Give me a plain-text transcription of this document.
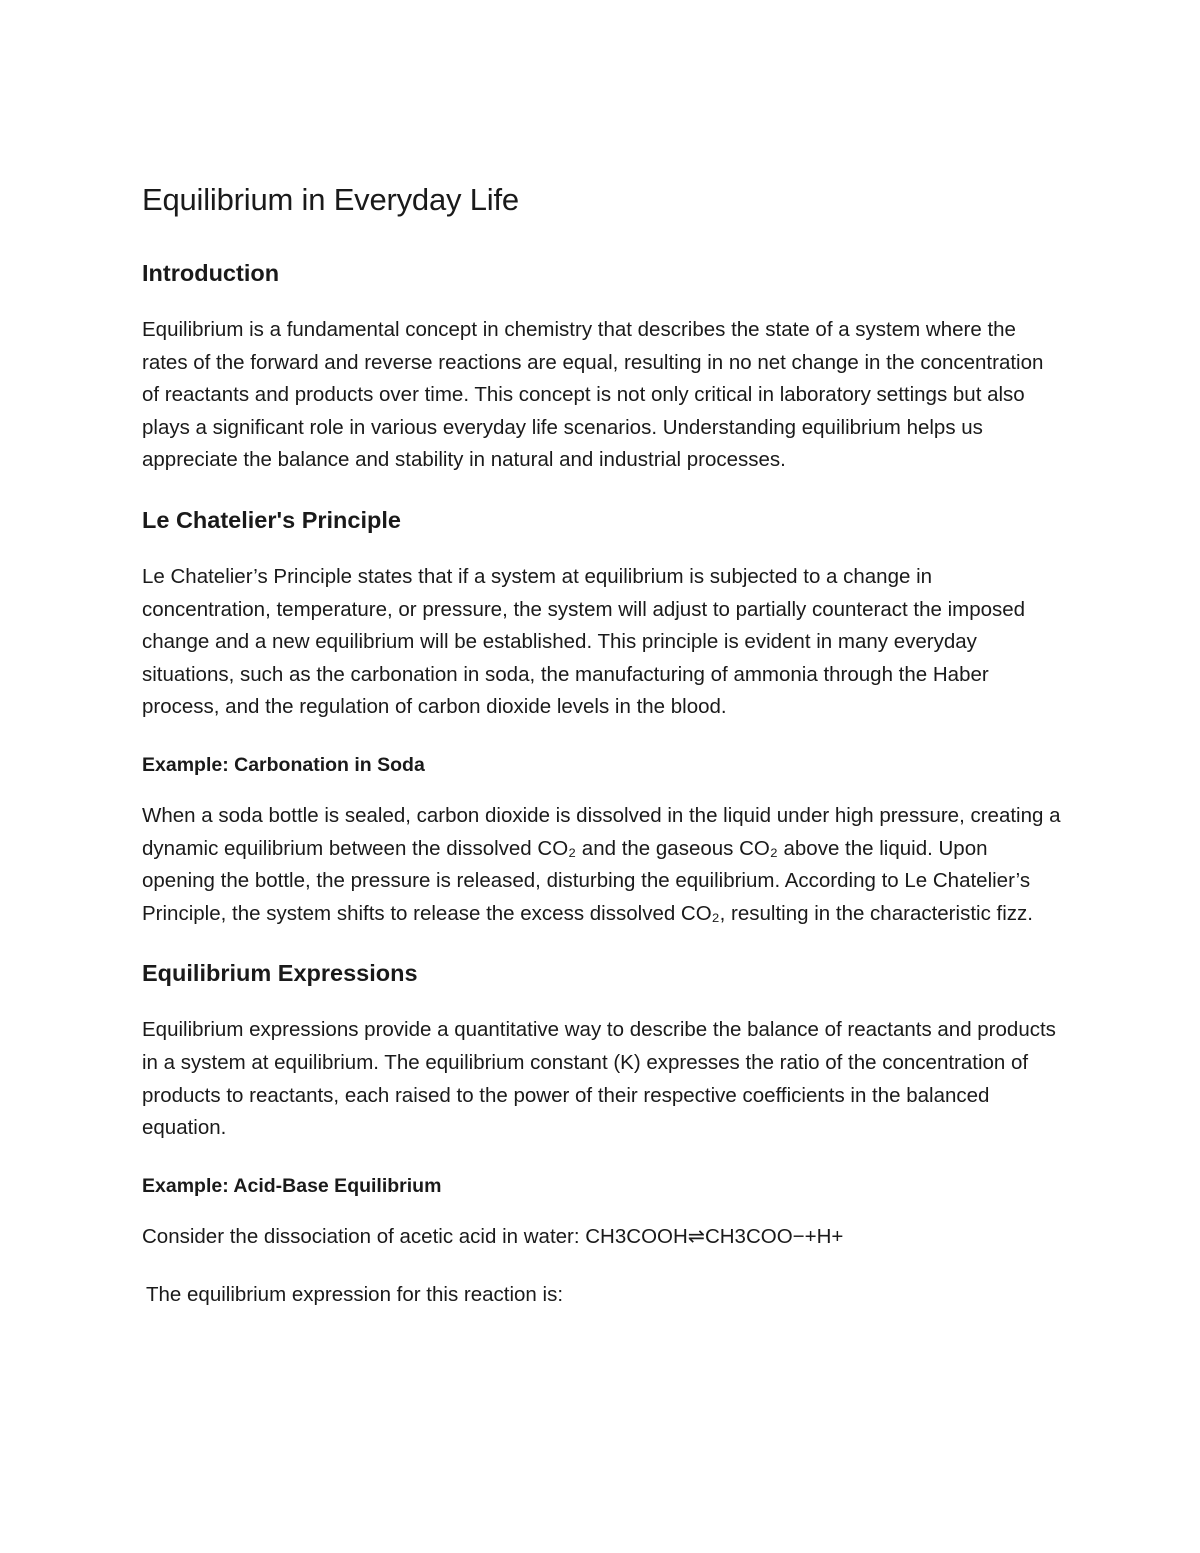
Equilibrium in Everyday Life
Introduction

Equilibrium is a fundamental concept in chemistry that describes the state of a system where the rates of the forward and reverse reactions are equal, resulting in no net change in the concentration of reactants and products over time. This concept is not only critical in laboratory settings but also plays a significant role in various everyday life scenarios. Understanding equilibrium helps us appreciate the balance and stability in natural and industrial processes.

Le Chatelier's Principle

Le Chatelier’s Principle states that if a system at equilibrium is subjected to a change in concentration, temperature, or pressure, the system will adjust to partially counteract the imposed change and a new equilibrium will be established. This principle is evident in many everyday situations, such as the carbonation in soda, the manufacturing of ammonia through the Haber process, and the regulation of carbon dioxide levels in the blood.

Example: Carbonation in Soda

When a soda bottle is sealed, carbon dioxide is dissolved in the liquid under high pressure, creating a dynamic equilibrium between the dissolved CO₂ and the gaseous CO₂ above the liquid. Upon opening the bottle, the pressure is released, disturbing the equilibrium. According to Le Chatelier’s Principle, the system shifts to release the excess dissolved CO₂, resulting in the characteristic fizz.

Equilibrium Expressions

Equilibrium expressions provide a quantitative way to describe the balance of reactants and products in a system at equilibrium. The equilibrium constant (K) expresses the ratio of the concentration of products to reactants, each raised to the power of their respective coefficients in the balanced equation.

Example: Acid-Base Equilibrium

Consider the dissociation of acetic acid in water: CH3COOH⇌CH3COO−+H+

The equilibrium expression for this reaction is:
